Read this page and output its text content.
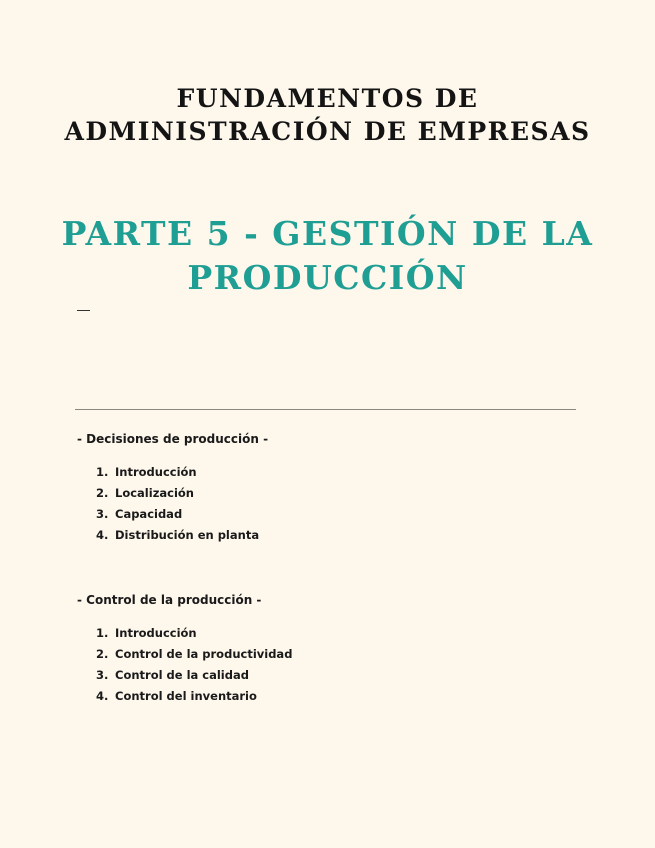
FUNDAMENTOS DE
ADMINISTRACIÓN DE EMPRESAS
PARTE 5 - GESTIÓN DE LA
PRODUCCIÓN

- Decisiones de producción -

1. Introducción
2. Localización
3. Capacidad
4. Distribución en planta

- Control de la producción -

1. Introducción
2. Control de la productividad
3. Control de la calidad
4. Control del inventario
